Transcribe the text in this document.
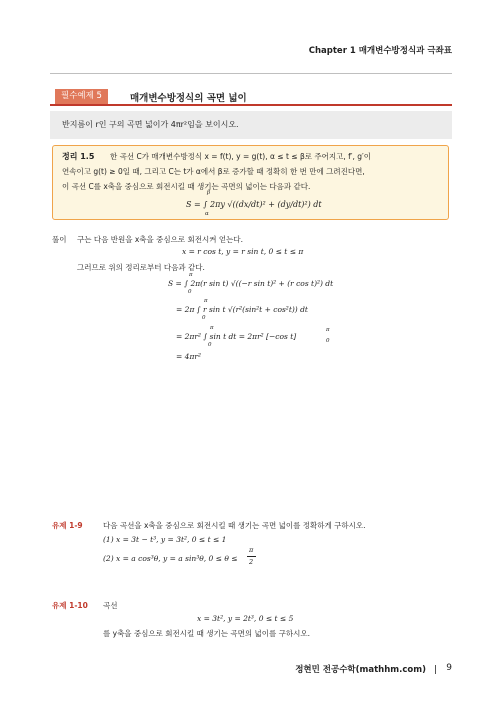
Chapter 1 매개변수방정식과 극좌표
필수예제 5	매개변수방정식의 곡면 넓이
반지름이 r인 구의 곡면 넓이가 4πr²임을 보이시오.
정리 1.5 한 곡선 C가 매개변수방정식 x = f(t), y = g(t), α ≤ t ≤ β로 주어지고, f′, g′이
연속이고 g(t) ≥ 0일 때, 그리고 C는 t가 α에서 β로 증가할 때 정확히 한 번 만에 그려진다면,
이 곡선 C를 x축을 중심으로 회전시킬 때 생기는 곡면의 넓이는 다음과 같다.
S = ∫ 2πy √((dx/dt)² + (dy/dt)²) dt
β
α
풀이 구는 다음 반원을 x축을 중심으로 회전시켜 얻는다.
x = r cos t, y = r sin t, 0 ≤ t ≤ π
그러므로 위의 정리로부터 다음과 같다.
S = ∫ 2π(r sin t) √((−r sin t)² + (r cos t)²) dt
π
0
= 2π ∫ r sin t √(r²(sin²t + cos²t)) dt
π
0
= 2πr² ∫ sin t dt = 2πr² [−cos t]
π
0
π
0
= 4πr²
유제 1-9	다음 곡선을 x축을 중심으로 회전시킬 때 생기는 곡면 넓이를 정확하게 구하시오.
(1) x = 3t − t³, y = 3t², 0 ≤ t ≤ 1
(2) x = a cos³θ, y = a sin³θ, 0 ≤ θ ≤
π
2
유제 1-10 곡선
x = 3t², y = 2t³, 0 ≤ t ≤ 5
를 y축을 중심으로 회전시킬 때 생기는 곡면의 넓이를 구하시오.
정현민 전공수학(mathhm.com) 9
